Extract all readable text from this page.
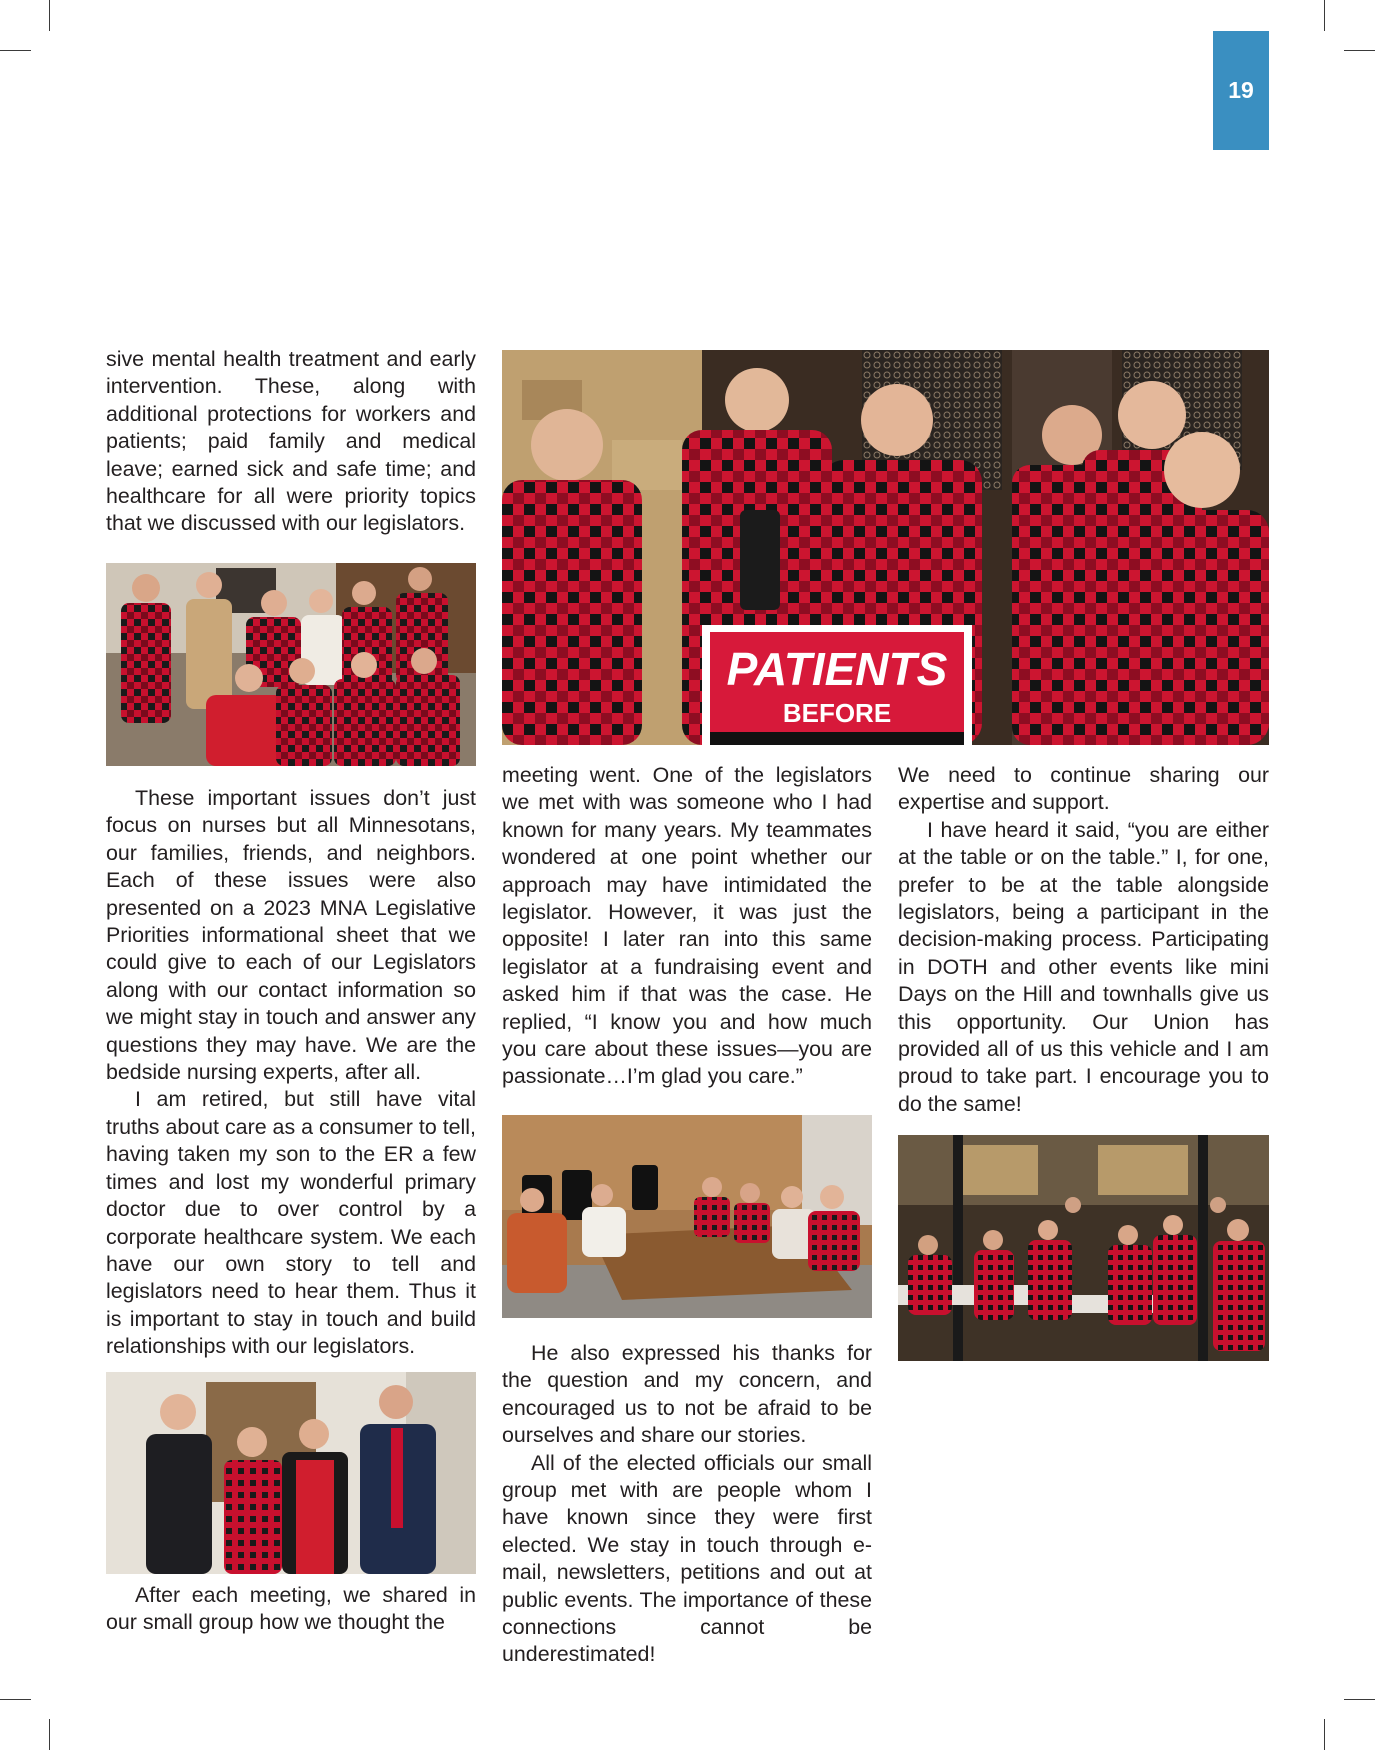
19

sive mental health treatment and early intervention. These, along with additional protections for workers and patients; paid family and medical leave; earned sick and safe time; and healthcare for all were priority topics that we discussed with our legislators.

These important issues don’t just focus on nurses but all Minnesotans, our families, friends, and neighbors. Each of these issues were also presented on a 2023 MNA Legislative Priorities informational sheet that we could give to each of our Legislators along with our contact information so we might stay in touch and answer any questions they may have. We are the bedside nursing experts, after all.

I am retired, but still have vital truths about care as a consumer to tell, having taken my son to the ER a few times and lost my wonderful primary doctor due to over control by a corporate healthcare system. We each have our own story to tell and legislators need to hear them. Thus it is important to stay in touch and build relationships with our legislators.

After each meeting, we shared in our small group how we thought the

PATIENTS
BEFORE

meeting went. One of the legislators we met with was someone who I had known for many years. My teammates wondered at one point whether our approach may have intimidated the legislator. However, it was just the opposite! I later ran into this same legislator at a fundraising event and asked him if that was the case. He replied, “I know you and how much you care about these issues—you are passionate…I’m glad you care.”

He also expressed his thanks for the question and my concern, and encouraged us to not be afraid to be ourselves and share our stories.

All of the elected officials our small group met with are people whom I have known since they were first elected. We stay in touch through e-mail, newsletters, petitions and out at public events. The importance of these connections cannot be underestimated!

We need to continue sharing our expertise and support.

I have heard it said, “you are either at the table or on the table.” I, for one, prefer to be at the table alongside legislators, being a participant in the decision-making process. Participating in DOTH and other events like mini Days on the Hill and townhalls give us this opportunity. Our Union has provided all of us this vehicle and I am proud to take part. I encourage you to do the same!
